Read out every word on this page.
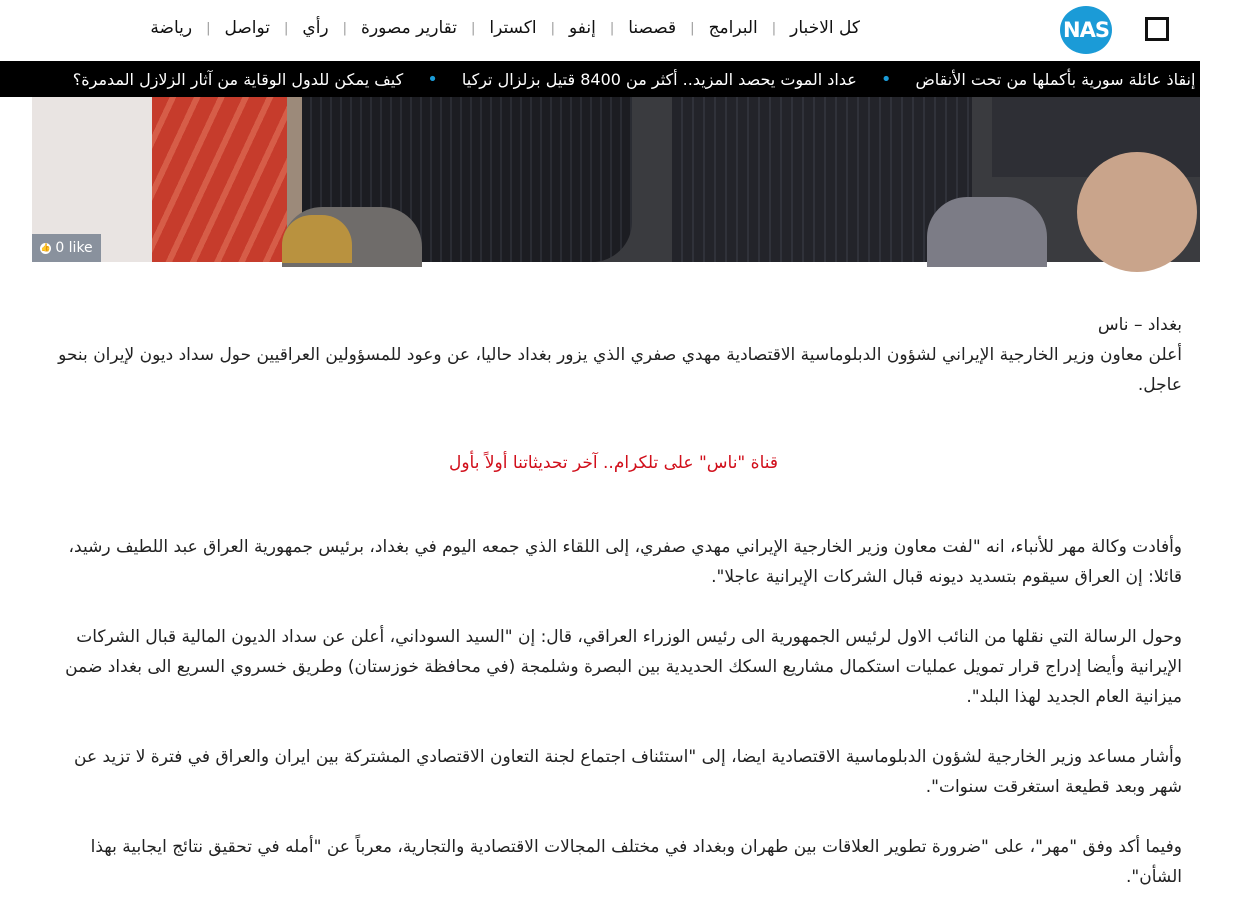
كل الاخبار
|
البرامج
|
قصصنا
|
إنفو
|
اكسترا
|
تقارير مصورة
|
رأي
|
تواصل
|
رياضة	NAS
ار للحظة إنقاذ عائلة سورية بأكملها من تحت الأنقاض
•
عداد الموت يحصد المزيد.. أكثر من 8400 قتيل بزلزال تركيا
•
كيف يمكن للدول الوقاية من آثار الزلازل المدمرة؟
👍 0 like

بغداد – ناس

أعلن معاون وزير الخارجية الإيراني لشؤون الدبلوماسية الاقتصادية مهدي صفري الذي يزور بغداد حاليا، عن وعود للمسؤولين العراقيين حول سداد ديون لإيران بنحو عاجل.

قناة "ناس" على تلكرام.. آخر تحديثاتنا أولاً بأول

وأفادت وكالة مهر للأنباء، انه "لفت معاون وزير الخارجية الإيراني مهدي صفري، إلى اللقاء الذي جمعه اليوم في بغداد، برئيس جمهورية العراق عبد اللطيف رشيد، قائلا: إن العراق سيقوم بتسديد ديونه قبال الشركات الإيرانية عاجلا".

وحول الرسالة التي نقلها من النائب الاول لرئيس الجمهورية الى رئيس الوزراء العراقي، قال: إن "السيد السوداني، أعلن عن سداد الديون المالية قبال الشركات الإيرانية وأيضا إدراج قرار تمويل عمليات استكمال مشاريع السكك الحديدية بين البصرة وشلمجة (في محافظة خوزستان) وطريق خسروي السريع الى بغداد ضمن ميزانية العام الجديد لهذا البلد".

وأشار مساعد وزير الخارجية لشؤون الدبلوماسية الاقتصادية ايضا، إلى "استئناف اجتماع لجنة التعاون الاقتصادي المشتركة بين ايران والعراق في فترة لا تزيد عن شهر وبعد قطيعة استغرقت سنوات".

وفيما أكد وفق "مهر"، على "ضرورة تطوير العلاقات بين طهران وبغداد في مختلف المجالات الاقتصادية والتجارية، معرباً عن "أمله في تحقيق نتائج ايجابية بهذا الشأن".
